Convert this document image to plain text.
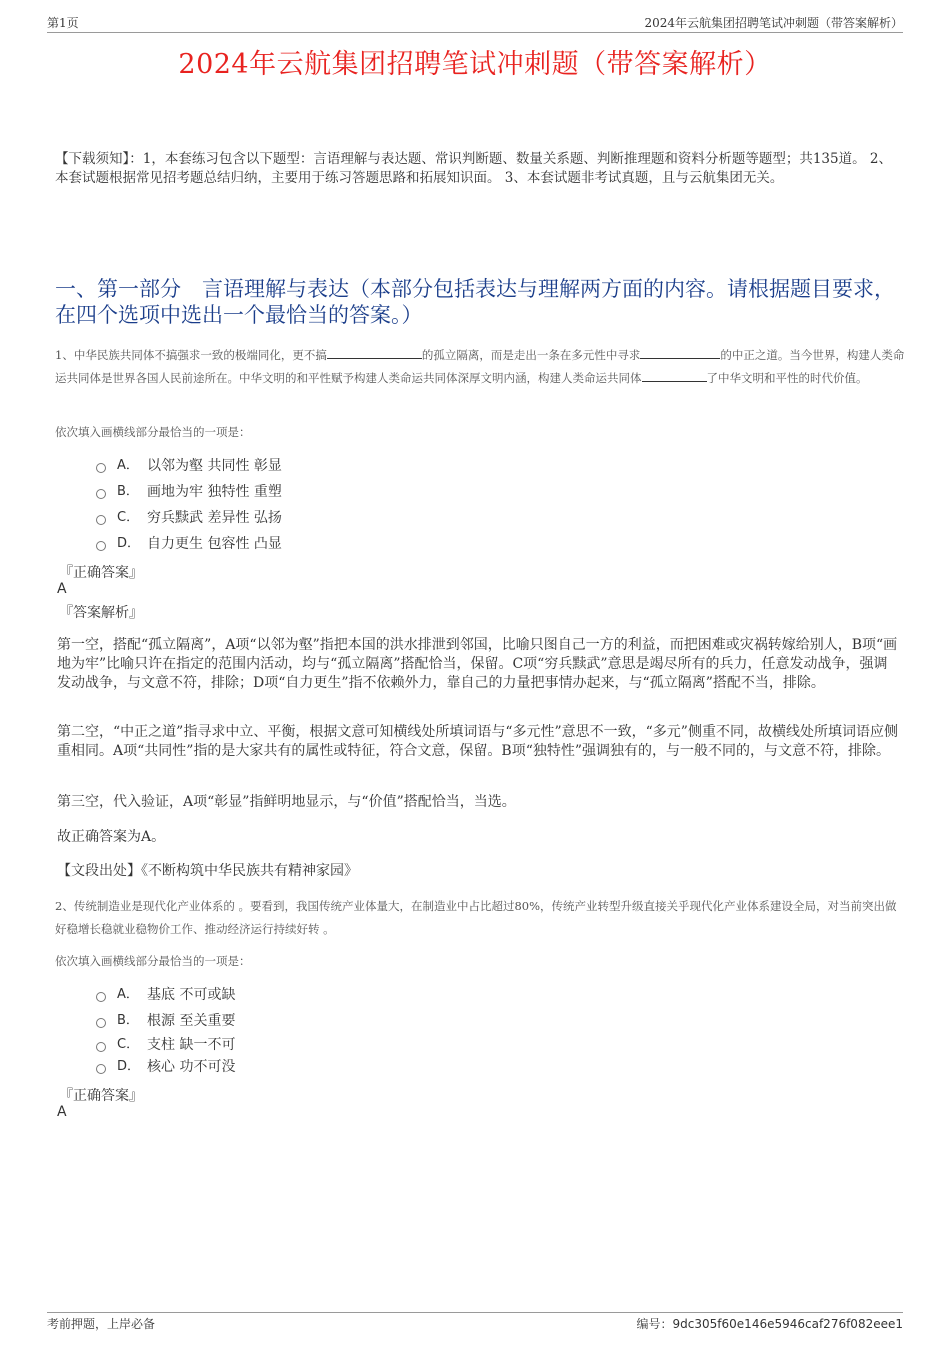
第1页	2024年云航集团招聘笔试冲刺题（带答案解析）
2024年云航集团招聘笔试冲刺题（带答案解析）
【下载须知】：1，本套练习包含以下题型：言语理解与表达题、常识判断题、数量关系题、判断推理题和资料分析题等题型；共135道。 2、本套试题根据常见招考题总结归纳，主要用于练习答题思路和拓展知识面。 3、本套试题非考试真题，且与云航集团无关。
一、第一部分　言语理解与表达（本部分包括表达与理解两方面的内容。请根据题目要求，在四个选项中选出一个最恰当的答案。）
1、中华民族共同体不搞强求一致的极端同化，更不搞	的孤立隔离，而是走出一条在多元性中寻求	的中正之道。当今世界，构建人类命运共同体是世界各国人民前途所在。中华文明的和平性赋予构建人类命运共同体深厚文明内涵，构建人类命运共同体	了中华文明和平性的时代价值。
依次填入画横线部分最恰当的一项是：
A． 以邻为壑 共同性 彰显
B． 画地为牢 独特性 重塑
C． 穷兵黩武 差异性 弘扬
D． 自力更生 包容性 凸显
『正确答案』
A
『答案解析』
第一空，搭配“孤立隔离”，A项“以邻为壑”指把本国的洪水排泄到邻国，比喻只图自己一方的利益，而把困难或灾祸转嫁给别人，B项“画地为牢”比喻只许在指定的范围内活动，均与“孤立隔离”搭配恰当，保留。C项“穷兵黩武”意思是竭尽所有的兵力，任意发动战争，强调发动战争，与文意不符，排除；D项“自力更生”指不依赖外力，靠自己的力量把事情办起来，与“孤立隔离”搭配不当，排除。
第二空，“中正之道”指寻求中立、平衡，根据文意可知横线处所填词语与“多元性”意思不一致，“多元”侧重不同，故横线处所填词语应侧重相同。A项“共同性”指的是大家共有的属性或特征，符合文意，保留。B项“独特性”强调独有的，与一般不同的，与文意不符，排除。
第三空，代入验证，A项“彰显”指鲜明地显示，与“价值”搭配恰当，当选。
故正确答案为A。
【文段出处】《不断构筑中华民族共有精神家园》
2、传统制造业是现代化产业体系的 。要看到，我国传统产业体量大，在制造业中占比超过80%，传统产业转型升级直接关乎现代化产业体系建设全局，对当前突出做好稳增长稳就业稳物价工作、推动经济运行持续好转 。
依次填入画横线部分最恰当的一项是：
A． 基底 不可或缺
B． 根源 至关重要
C． 支柱 缺一不可
D． 核心 功不可没
『正确答案』
A
考前押题，上岸必备	编号：9dc305f60e146e5946caf276f082eee1
